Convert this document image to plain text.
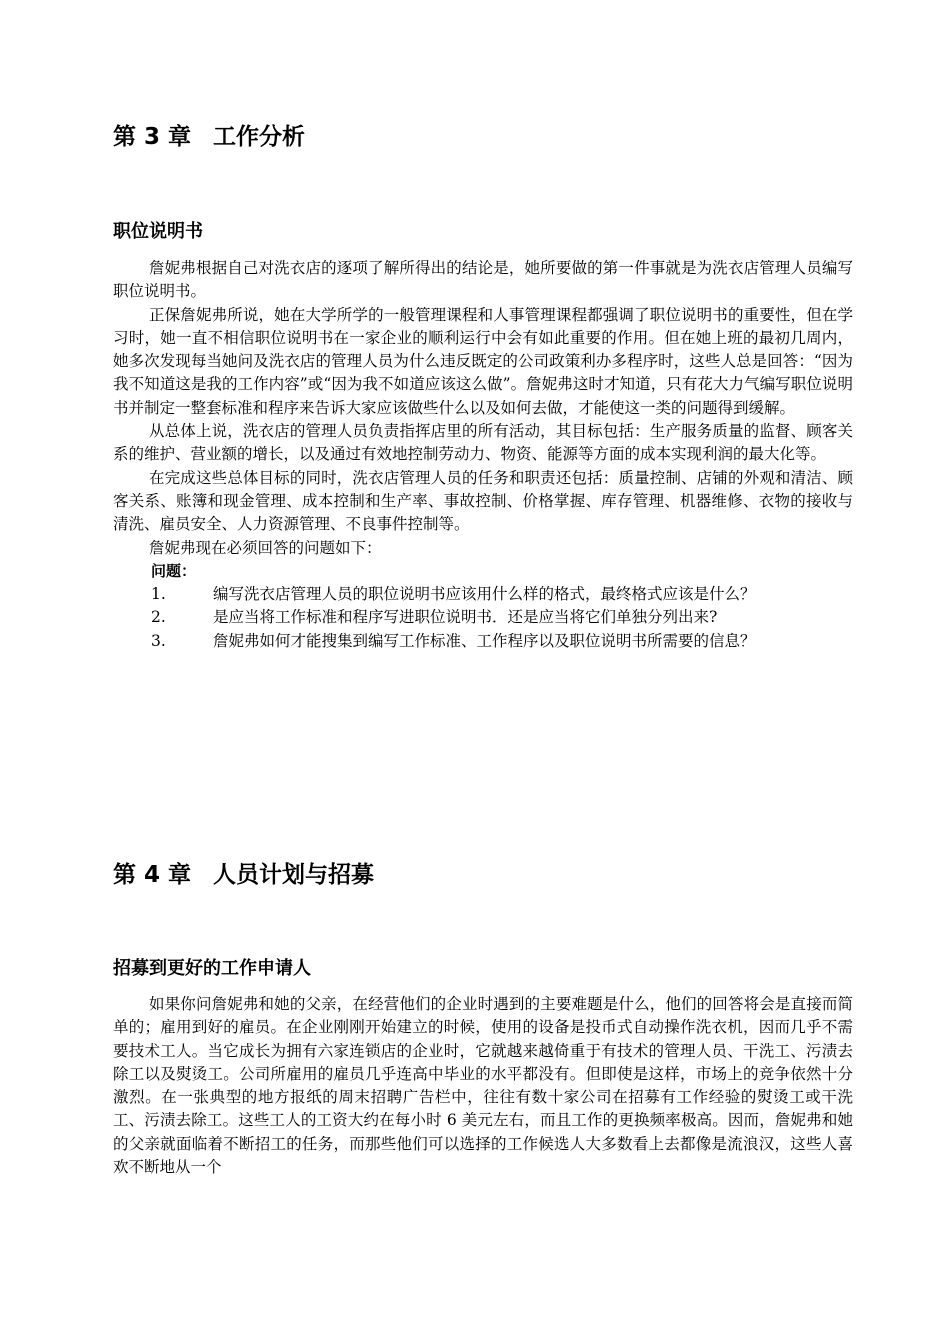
第 3 章 工作分析
职位说明书

詹妮弗根据自己对洗衣店的逐项了解所得出的结论是，她所要做的第一件事就是为洗衣店管理人员编写职位说明书。

正保詹妮弗所说，她在大学所学的一般管理课程和人事管理课程都强调了职位说明书的重要性，但在学习时，她一直不相信职位说明书在一家企业的顺利运行中会有如此重要的作用。但在她上班的最初几周内，她多次发现每当她问及洗衣店的管理人员为什么违反既定的公司政策利办多程序时，这些人总是回答：“因为我不知道这是我的工作内容”或“因为我不如道应该这么做”。詹妮弗这时才知道，只有花大力气编写职位说明书并制定一整套标准和程序来告诉大家应该做些什么以及如何去做，才能使这一类的问题得到缓解。

从总体上说，洗衣店的管理人员负责指挥店里的所有活动，其目标包括：生产服务质量的监督、顾客关系的维护、营业额的增长，以及通过有效地控制劳动力、物资、能源等方面的成本实现利润的最大化等。

在完成这些总体目标的同时，洗衣店管理人员的任务和职责还包括：质量控制、店铺的外观和清洁、顾客关系、账簿和现金管理、成本控制和生产率、事故控制、价格掌握、库存管理、机器维修、衣物的接收与清洗、雇员安全、人力资源管理、不良事件控制等。

詹妮弗现在必须回答的问题如下：

问题：

1.	编写洗衣店管理人员的职位说明书应该用什么样的格式，最终格式应该是什么？
2.	是应当将工作标准和程序写进职位说明书．还是应当将它们单独分列出来?
3.	詹妮弗如何才能搜集到编写工作标准、工作程序以及职位说明书所需要的信息？
第 4 章 人员计划与招募
招募到更好的工作申请人

如果你问詹妮弗和她的父亲，在经营他们的企业时遇到的主要难题是什么，他们的回答将会是直接而简单的；雇用到好的雇员。在企业刚刚开始建立的时候，使用的设备是投币式自动操作洗衣机，因而几乎不需要技术工人。当它成长为拥有六家连锁店的企业时，它就越来越倚重于有技术的管理人员、干洗工、污渍去除工以及熨烫工。公司所雇用的雇员几乎连高中毕业的水平都没有。但即使是这样，市场上的竞争依然十分激烈。在一张典型的地方报纸的周末招聘广告栏中，往往有数十家公司在招募有工作经验的熨烫工或干洗工、污渍去除工。这些工人的工资大约在每小时 6 美元左右，而且工作的更换频率极高。因而，詹妮弗和她的父亲就面临着不断招工的任务，而那些他们可以选择的工作候选人大多数看上去都像是流浪汉，这些人喜欢不断地从一个
